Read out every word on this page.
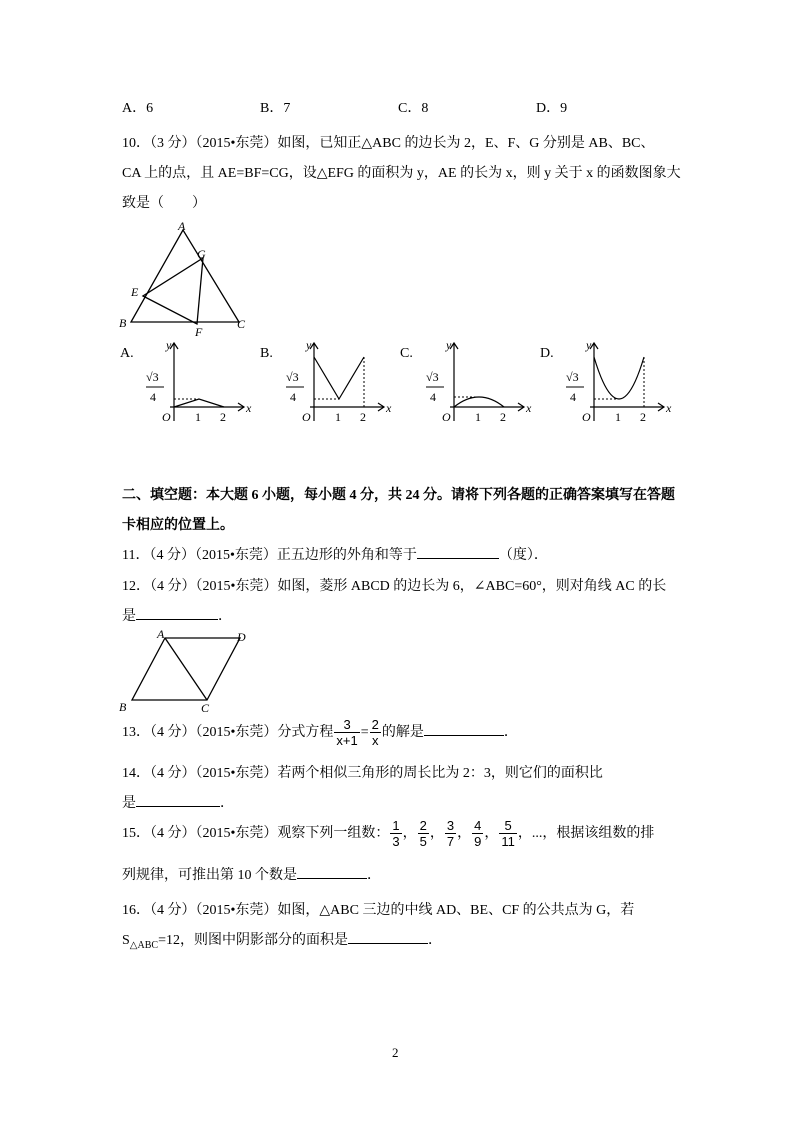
A．6	B．7	C．8	D．9
10．（3 分）（2015•东莞）如图，已知正△ABC 的边长为 2，E、F、G 分别是 AB、BC、
CA 上的点，且 AE=BF=CG，设△EFG 的面积为 y，AE 的长为 x，则 y 关于 x 的函数图象大
致是（　　）
A
B	C
E
F
G
A.
y
x
O
√3
4
1 2
B.
y
x
O
√3
4
1 2
C.
y
x
O
√3
4
1 2
D.
y
x
O
√3
4
1 2
二、填空题：本大题 6 小题，每小题 4 分，共 24 分。请将下列各题的正确答案填写在答题
卡相应的位置上。
11．（4 分）（2015•东莞）正五边形的外角和等于	（度）．
12．（4 分）（2015•东莞）如图，菱形 ABCD 的边长为 6，∠ABC=60°，则对角线 AC 的长
是	．
A	D
B	C
13．（4 分）（2015•东莞）分式方程 $\frac{3}{x+1} = \frac{2}{x}$ 的解是	．
14．（4 分）（2015•东莞）若两个相似三角形的周长比为 2：3，则它们的面积比
是	．
15．（4 分）（2015•东莞）观察下列一组数： $\frac{1}{3}$ ， $\frac{2}{5}$ ， $\frac{3}{7}$ ， $\frac{4}{9}$ ， $\frac{5}{11}$ ，...，根据该组数的排
列规律，可推出第 10 个数是	．
16．（4 分）（2015•东莞）如图，△ABC 三边的中线 AD、BE、CF 的公共点为 G，若
$S_{\triangle ABC}=12$，则图中阴影部分的面积是	．
2
